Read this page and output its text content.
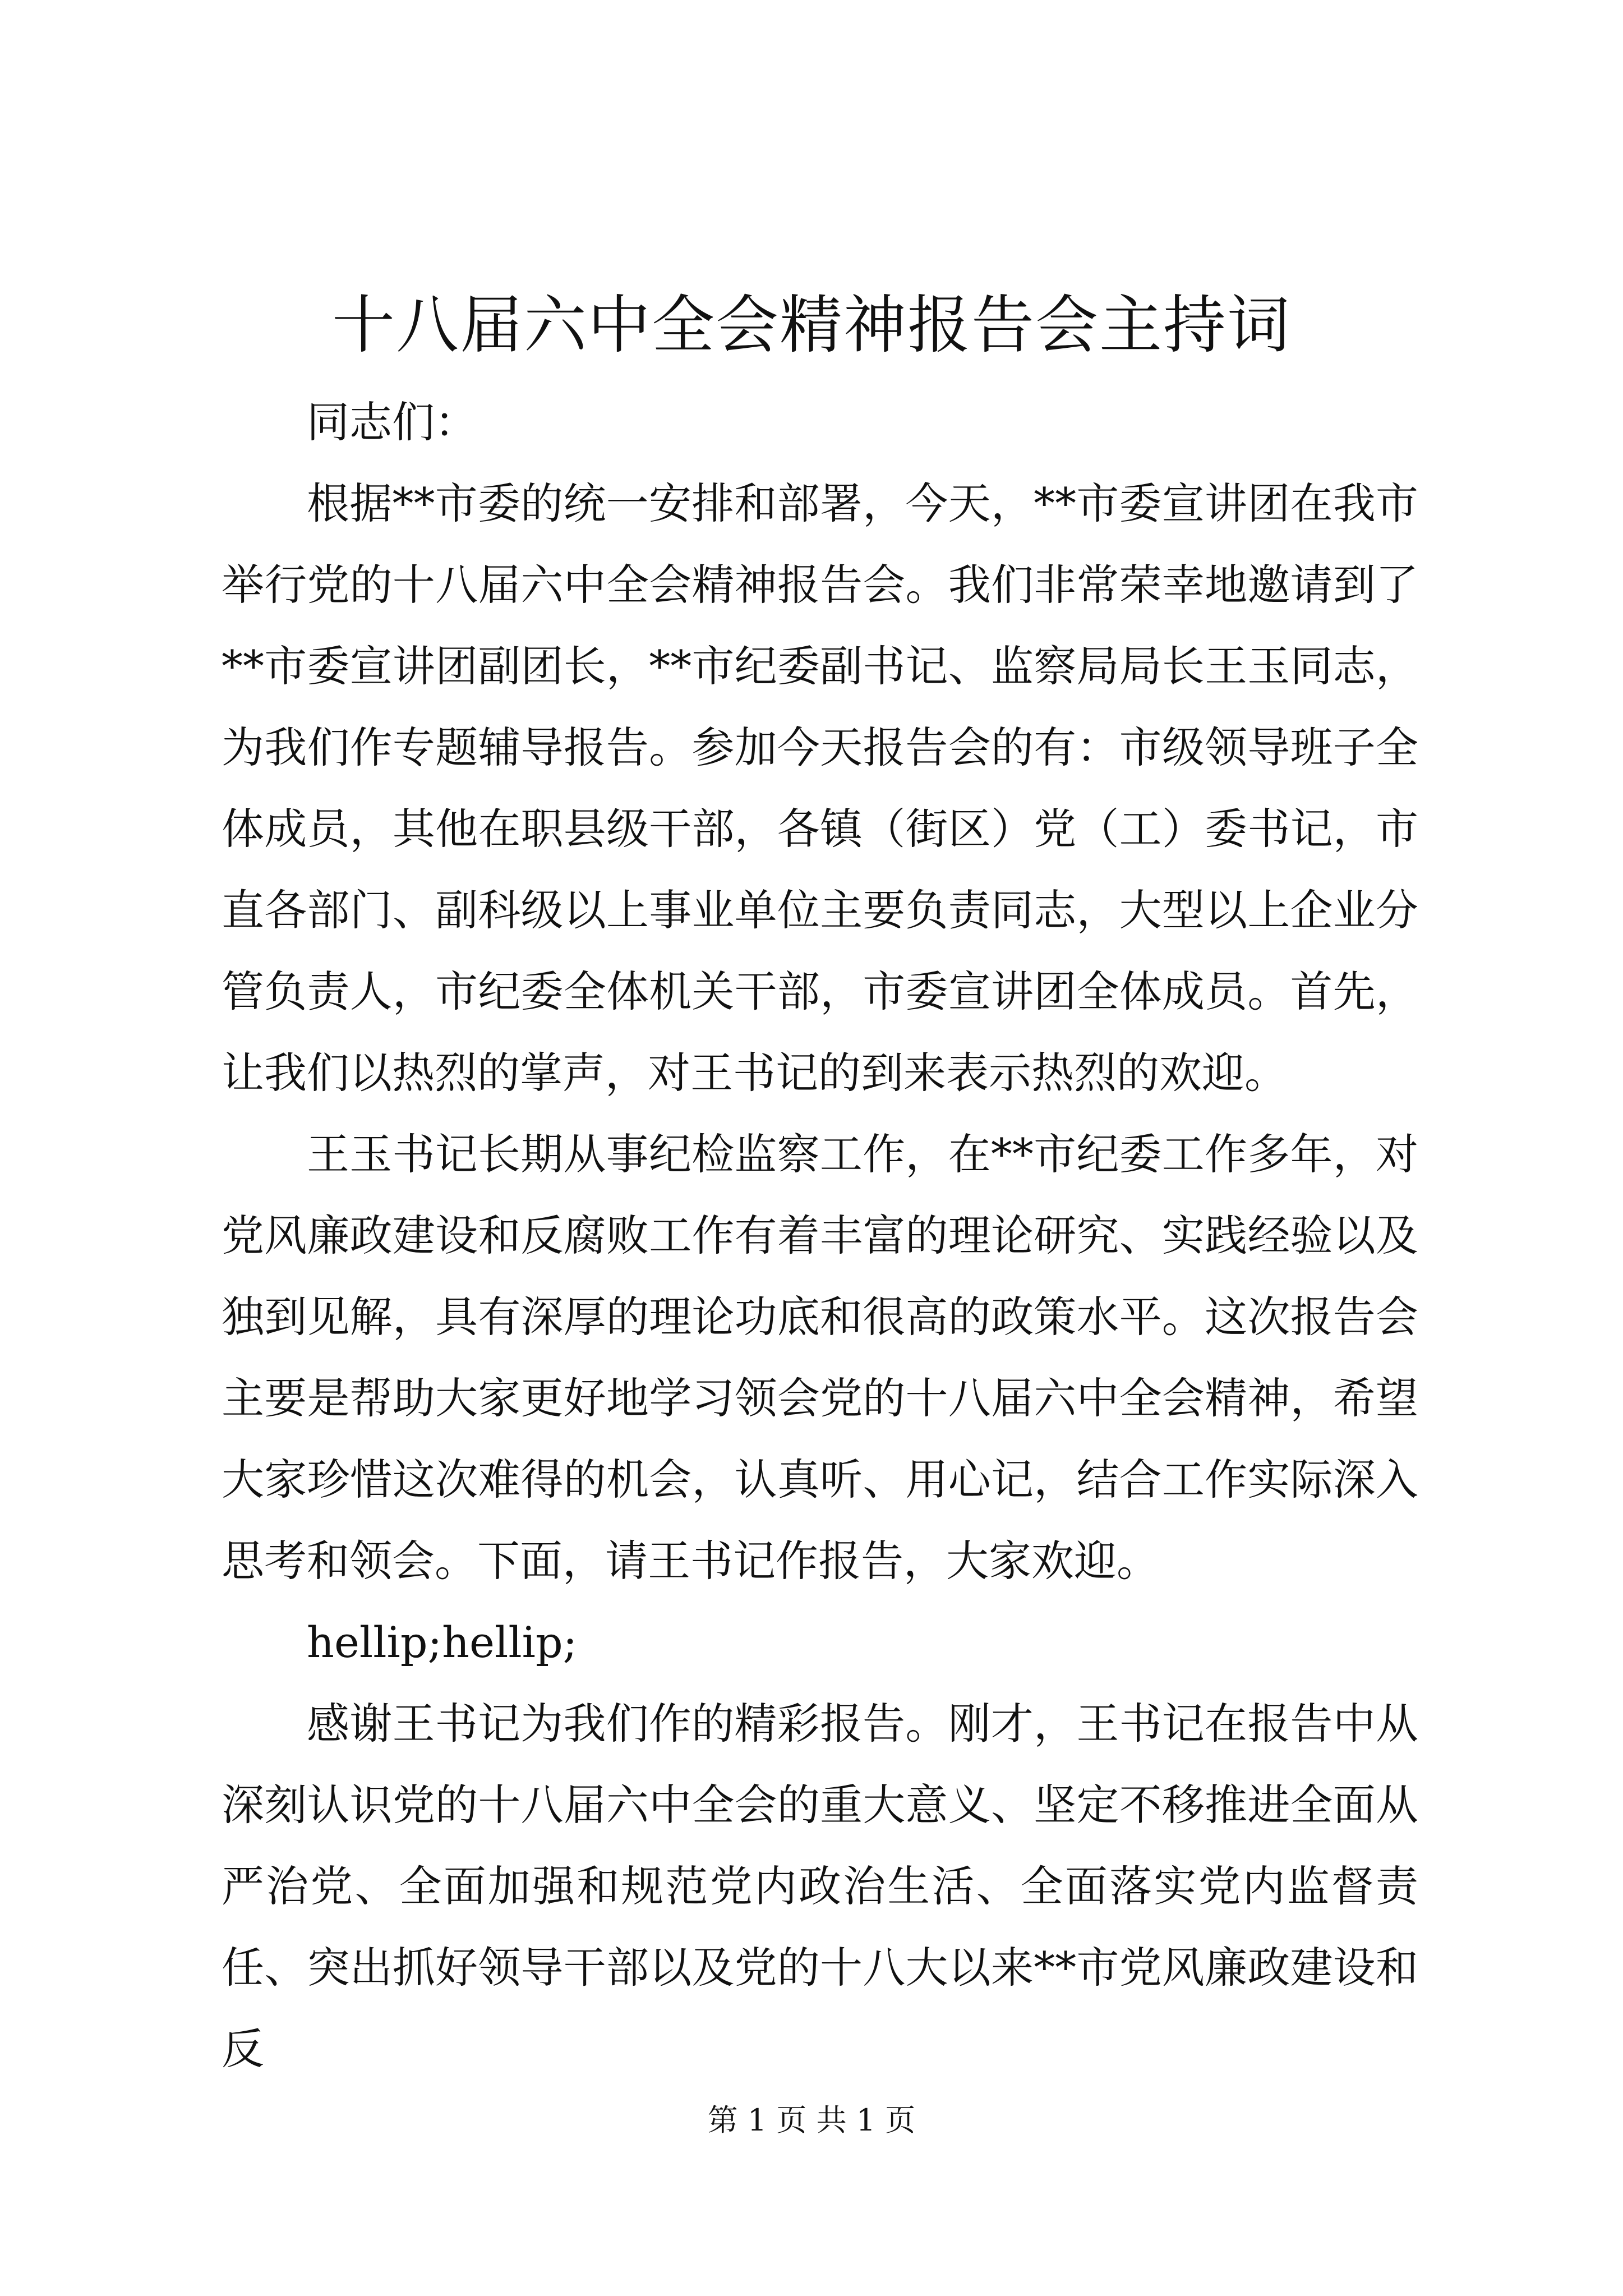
十八届六中全会精神报告会主持词

同志们：

根据**市委的统一安排和部署，今天，**市委宣讲团在我市举行党的十八届六中全会精神报告会。我们非常荣幸地邀请到了**市委宣讲团副团长，**市纪委副书记、监察局局长王玉同志，为我们作专题辅导报告。参加今天报告会的有：市级领导班子全体成员，其他在职县级干部，各镇（街区）党（工）委书记，市直各部门、副科级以上事业单位主要负责同志，大型以上企业分管负责人，市纪委全体机关干部，市委宣讲团全体成员。首先，让我们以热烈的掌声，对王书记的到来表示热烈的欢迎。

王玉书记长期从事纪检监察工作，在**市纪委工作多年，对党风廉政建设和反腐败工作有着丰富的理论研究、实践经验以及独到见解，具有深厚的理论功底和很高的政策水平。这次报告会主要是帮助大家更好地学习领会党的十八届六中全会精神，希望大家珍惜这次难得的机会，认真听、用心记，结合工作实际深入思考和领会。下面，请王书记作报告，大家欢迎。

hellip;hellip;

感谢王书记为我们作的精彩报告。刚才，王书记在报告中从深刻认识党的十八届六中全会的重大意义、坚定不移推进全面从严治党、全面加强和规范党内政治生活、全面落实党内监督责任、突出抓好领导干部以及党的十八大以来**市党风廉政建设和反

第 1 页 共 1 页
